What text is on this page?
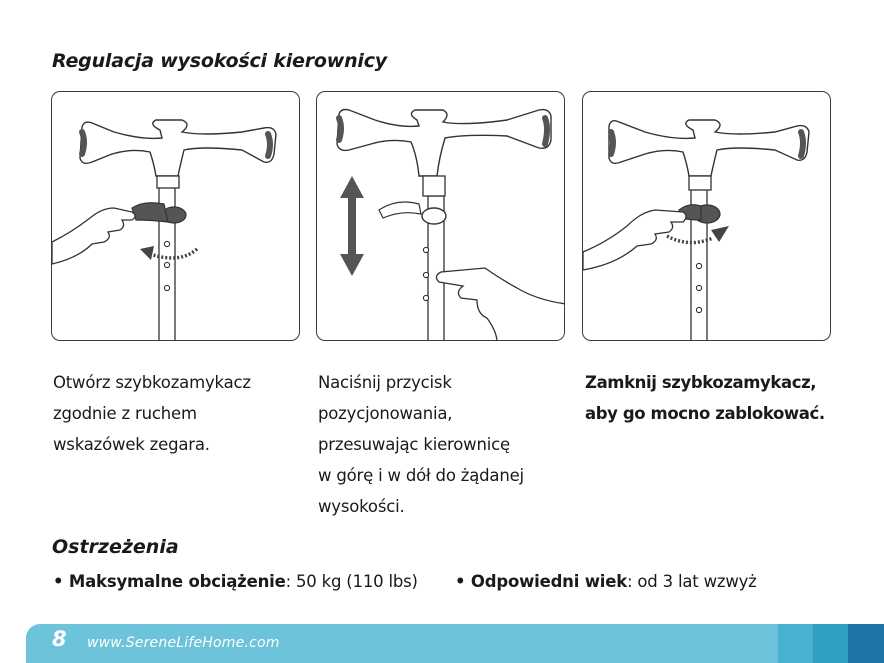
Regulacja wysokości kierownicy

Otwórz szybkozamykacz
zgodnie z ruchem
wskazówek zegara.

Naciśnij przycisk
pozycjonowania,
przesuwając kierownicę
w górę i w dół do żądanej
wysokości.

Zamknij szybkozamykacz,
aby go mocno zablokować.

Ostrzeżenia

• Maksymalne obciążenie: 50 kg (110 lbs) • Odpowiedni wiek: od 3 lat wzwyż

8 www.SereneLifeHome.com
